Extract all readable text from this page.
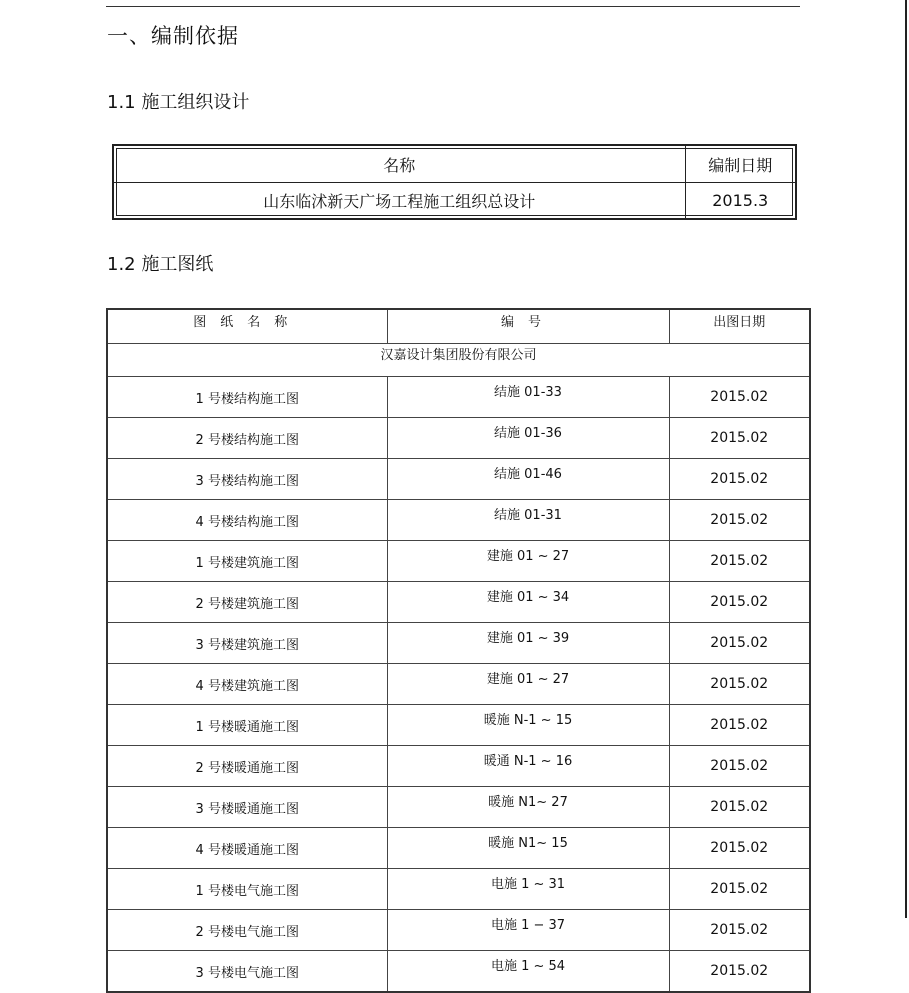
一、编制依据
1.1 施工组织设计
名称	编制日期
山东临沭新天广场工程施工组织总设计	2015.3
1.2 施工图纸
图纸名称	编号	出图日期
汉嘉设计集团股份有限公司		
1 号楼结构施工图	结施 01-33	2015.02
2 号楼结构施工图	结施 01-36	2015.02
3 号楼结构施工图	结施 01-46	2015.02
4 号楼结构施工图	结施 01-31	2015.02
1 号楼建筑施工图	建施 01 ~ 27	2015.02
2 号楼建筑施工图	建施 01 ~ 34	2015.02
3 号楼建筑施工图	建施 01 ~ 39	2015.02
4 号楼建筑施工图	建施 01 ~ 27	2015.02
1 号楼暖通施工图	暖施 N-1 ~ 15	2015.02
2 号楼暖通施工图	暖通 N-1 ~ 16	2015.02
3 号楼暖通施工图	暖施 N1~ 27	2015.02
4 号楼暖通施工图	暖施 N1~ 15	2015.02
1 号楼电气施工图	电施 1 ~ 31	2015.02
2 号楼电气施工图	电施 1 − 37	2015.02
3 号楼电气施工图	电施 1 ~ 54	2015.02
